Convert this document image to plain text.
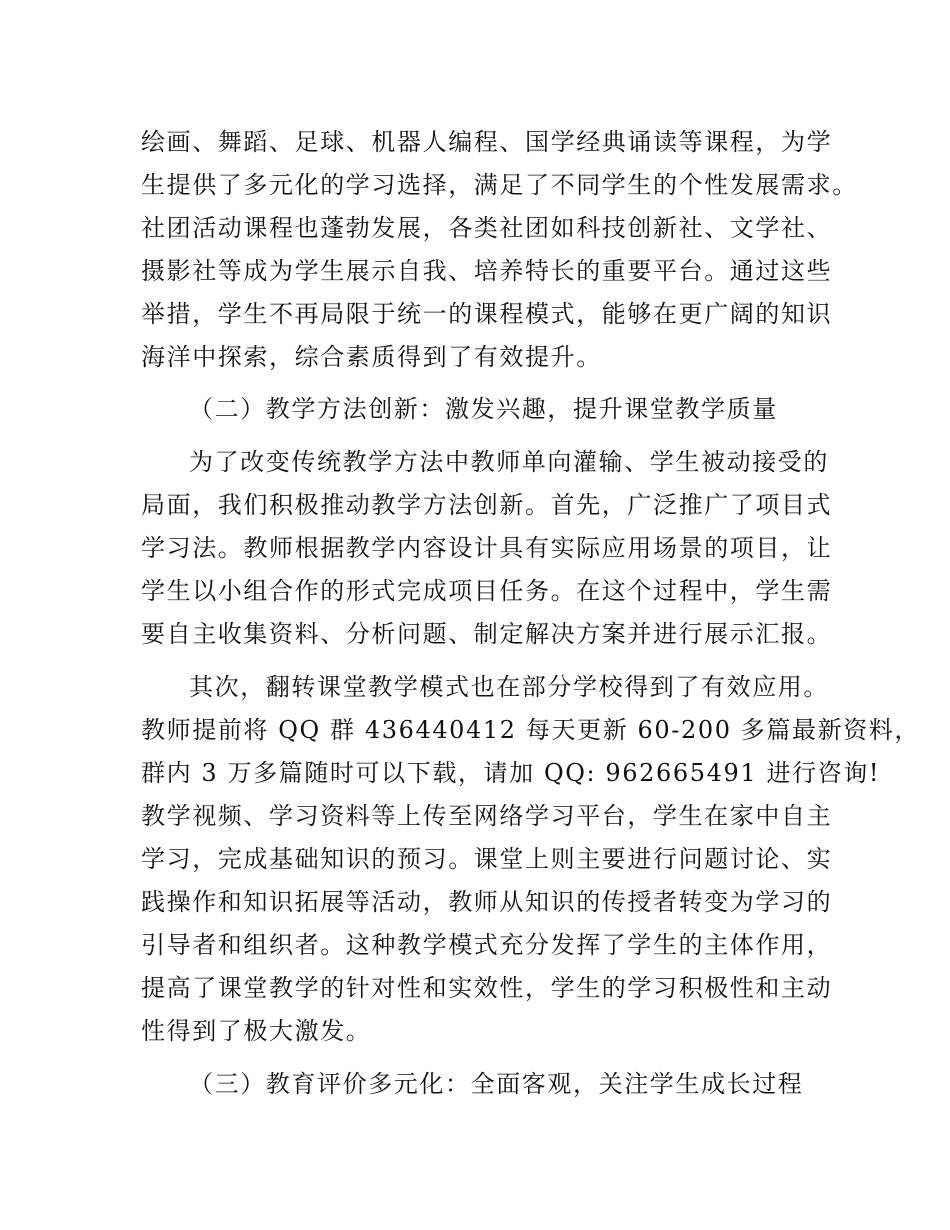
绘画、舞蹈、足球、机器人编程、国学经典诵读等课程，为学
生提供了多元化的学习选择，满足了不同学生的个性发展需求。
社团活动课程也蓬勃发展，各类社团如科技创新社、文学社、
摄影社等成为学生展示自我、培养特长的重要平台。通过这些
举措，学生不再局限于统一的课程模式，能够在更广阔的知识
海洋中探索，综合素质得到了有效提升。
（二）教学方法创新：激发兴趣，提升课堂教学质量
为了改变传统教学方法中教师单向灌输、学生被动接受的
局面，我们积极推动教学方法创新。首先，广泛推广了项目式
学习法。教师根据教学内容设计具有实际应用场景的项目，让
学生以小组合作的形式完成项目任务。在这个过程中，学生需
要自主收集资料、分析问题、制定解决方案并进行展示汇报。
其次，翻转课堂教学模式也在部分学校得到了有效应用。
教师提前将 QQ 群 436440412 每天更新 60-200 多篇最新资料，
群内 3 万多篇随时可以下载，请加 QQ: 962665491 进行咨询!
教学视频、学习资料等上传至网络学习平台，学生在家中自主
学习，完成基础知识的预习。课堂上则主要进行问题讨论、实
践操作和知识拓展等活动，教师从知识的传授者转变为学习的
引导者和组织者。这种教学模式充分发挥了学生的主体作用，
提高了课堂教学的针对性和实效性，学生的学习积极性和主动
性得到了极大激发。
（三）教育评价多元化：全面客观，关注学生成长过程
